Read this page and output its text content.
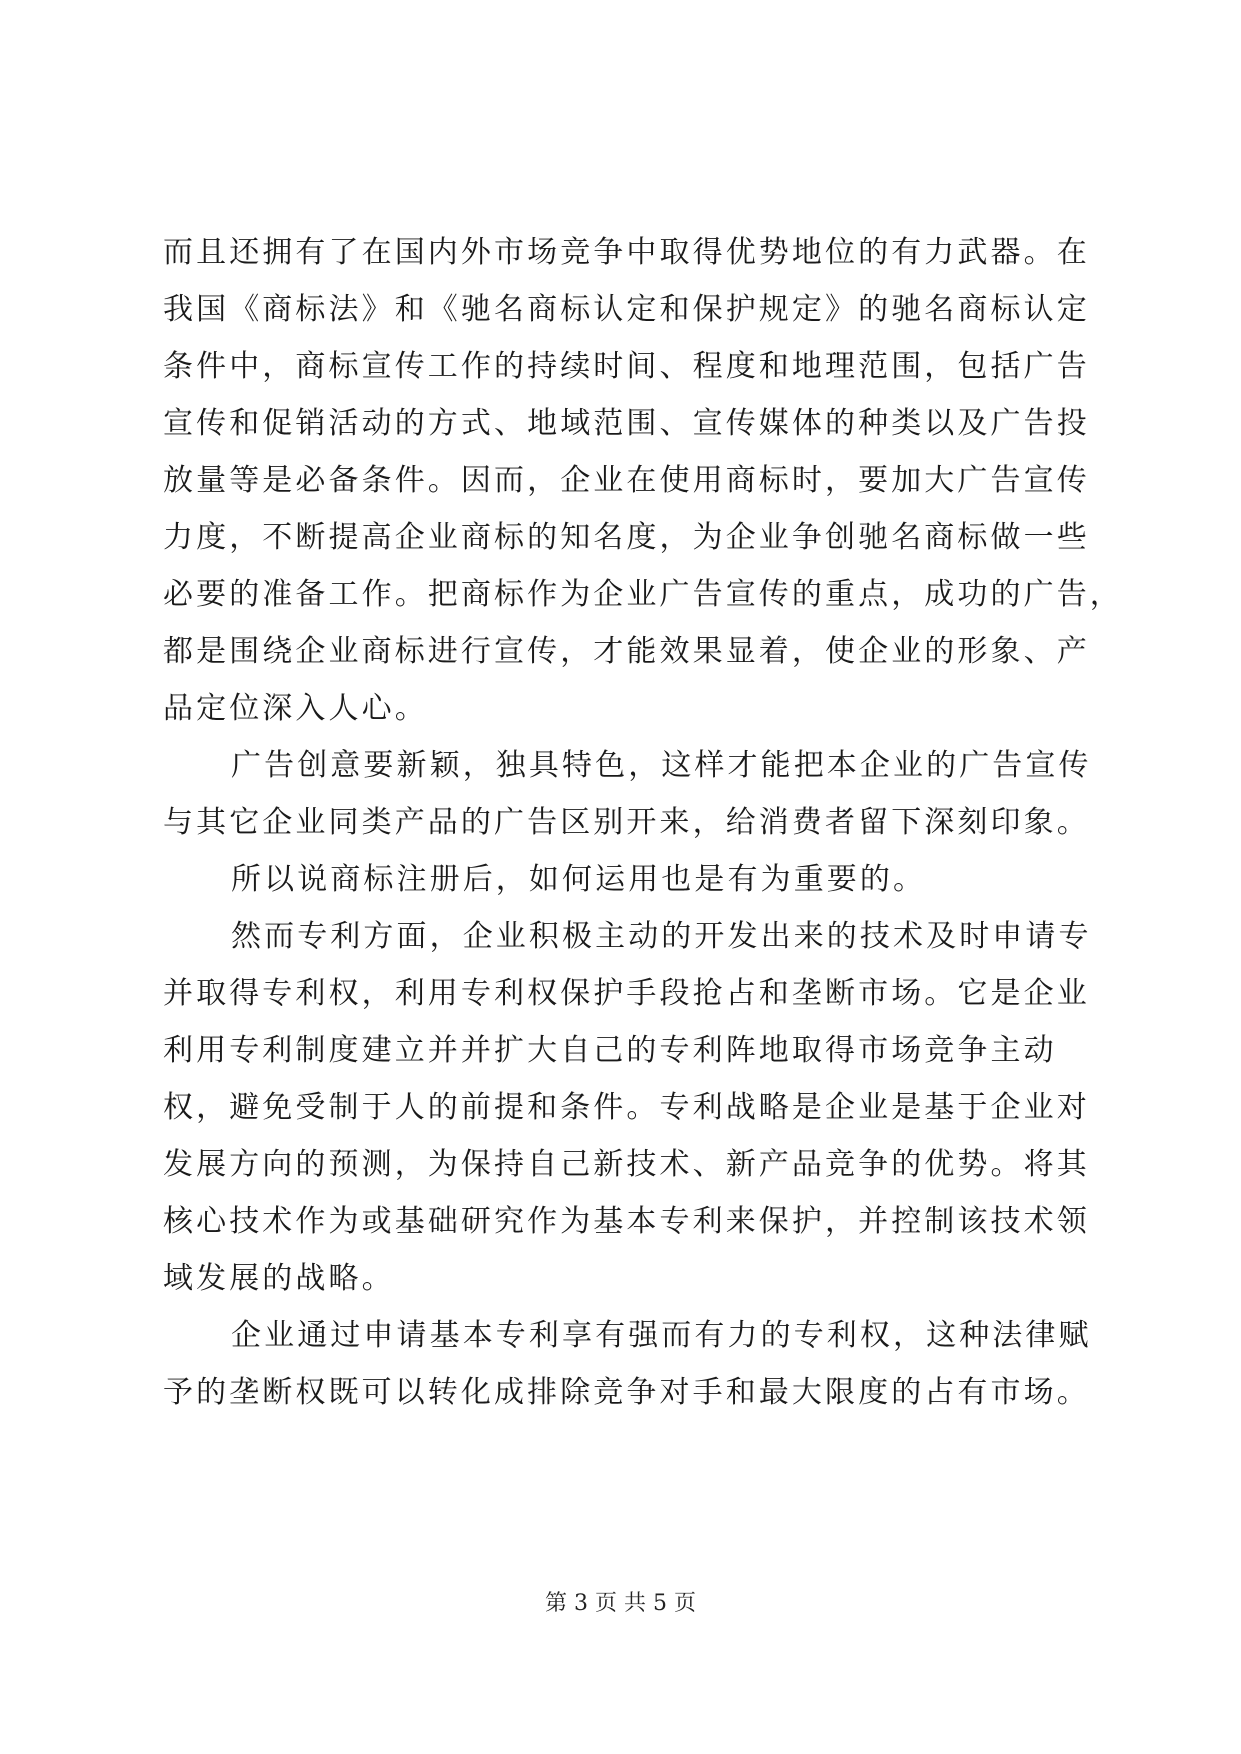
而且还拥有了在国内外市场竞争中取得优势地位的有力武器。在
我国《商标法》和《驰名商标认定和保护规定》的驰名商标认定
条件中，商标宣传工作的持续时间、程度和地理范围，包括广告
宣传和促销活动的方式、地域范围、宣传媒体的种类以及广告投
放量等是必备条件。因而，企业在使用商标时，要加大广告宣传
力度，不断提高企业商标的知名度，为企业争创驰名商标做一些
必要的准备工作。把商标作为企业广告宣传的重点，成功的广告，
都是围绕企业商标进行宣传，才能效果显着，使企业的形象、产
品定位深入人心。
广告创意要新颖，独具特色，这样才能把本企业的广告宣传
与其它企业同类产品的广告区别开来，给消费者留下深刻印象。
所以说商标注册后，如何运用也是有为重要的。
然而专利方面，企业积极主动的开发出来的技术及时申请专
并取得专利权，利用专利权保护手段抢占和垄断市场。它是企业
利用专利制度建立并并扩大自己的专利阵地取得市场竞争主动
权，避免受制于人的前提和条件。专利战略是企业是基于企业对
发展方向的预测，为保持自己新技术、新产品竞争的优势。将其
核心技术作为或基础研究作为基本专利来保护，并控制该技术领
域发展的战略。
企业通过申请基本专利享有强而有力的专利权，这种法律赋
予的垄断权既可以转化成排除竞争对手和最大限度的占有市场。
第 3 页 共 5 页
